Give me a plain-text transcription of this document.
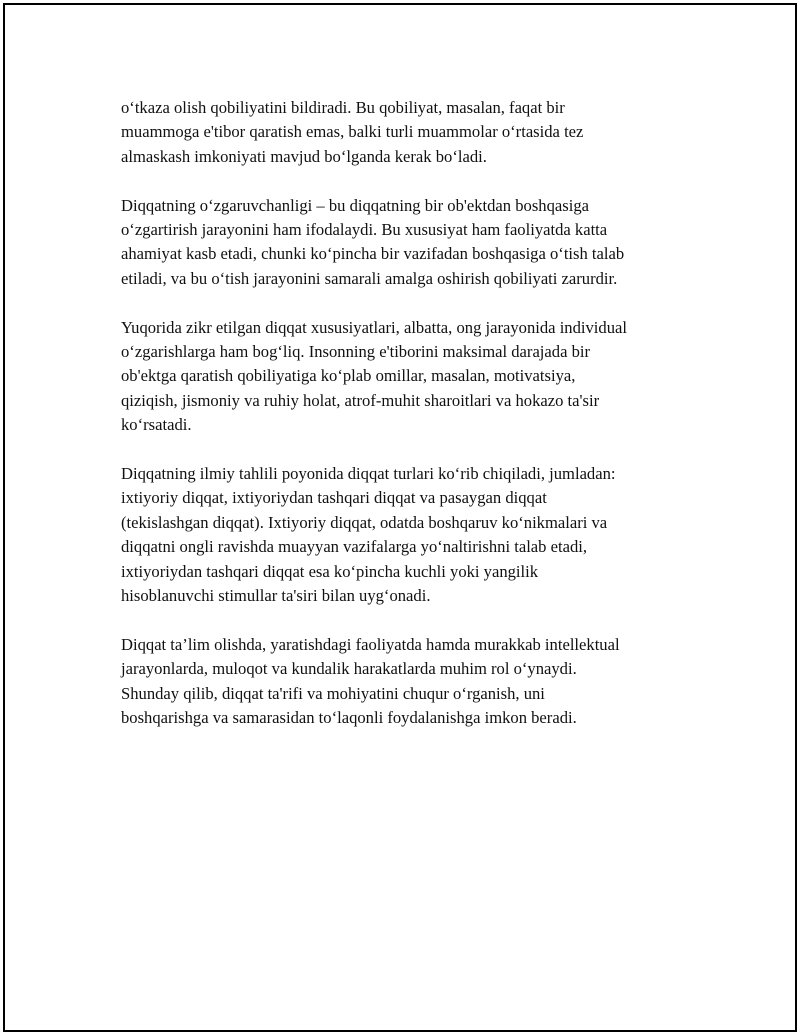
o‘tkaza olish qobiliyatini bildiradi. Bu qobiliyat, masalan, faqat bir
muammoga e'tibor qaratish emas, balki turli muammolar o‘rtasida tez
almaskash imkoniyati mavjud bo‘lganda kerak bo‘ladi.

Diqqatning o‘zgaruvchanligi – bu diqqatning bir ob'ektdan boshqasiga
o‘zgartirish jarayonini ham ifodalaydi. Bu xususiyat ham faoliyatda katta
ahamiyat kasb etadi, chunki ko‘pincha bir vazifadan boshqasiga o‘tish talab
etiladi, va bu o‘tish jarayonini samarali amalga oshirish qobiliyati zarurdir.

Yuqorida zikr etilgan diqqat xususiyatlari, albatta, ong jarayonida individual
o‘zgarishlarga ham bog‘liq. Insonning e'tiborini maksimal darajada bir
ob'ektga qaratish qobiliyatiga ko‘plab omillar, masalan, motivatsiya,
qiziqish, jismoniy va ruhiy holat, atrof-muhit sharoitlari va hokazo ta'sir
ko‘rsatadi.

Diqqatning ilmiy tahlili poyonida diqqat turlari ko‘rib chiqiladi, jumladan:
ixtiyoriy diqqat, ixtiyoriydan tashqari diqqat va pasaygan diqqat
(tekislashgan diqqat). Ixtiyoriy diqqat, odatda boshqaruv ko‘nikmalari va
diqqatni ongli ravishda muayyan vazifalarga yo‘naltirishni talab etadi,
ixtiyoriydan tashqari diqqat esa ko‘pincha kuchli yoki yangilik
hisoblanuvchi stimullar ta'siri bilan uyg‘onadi.

Diqqat ta’lim olishda, yaratishdagi faoliyatda hamda murakkab intellektual
jarayonlarda, muloqot va kundalik harakatlarda muhim rol o‘ynaydi.
Shunday qilib, diqqat ta'rifi va mohiyatini chuqur o‘rganish, uni
boshqarishga va samarasidan to‘laqonli foydalanishga imkon beradi.
